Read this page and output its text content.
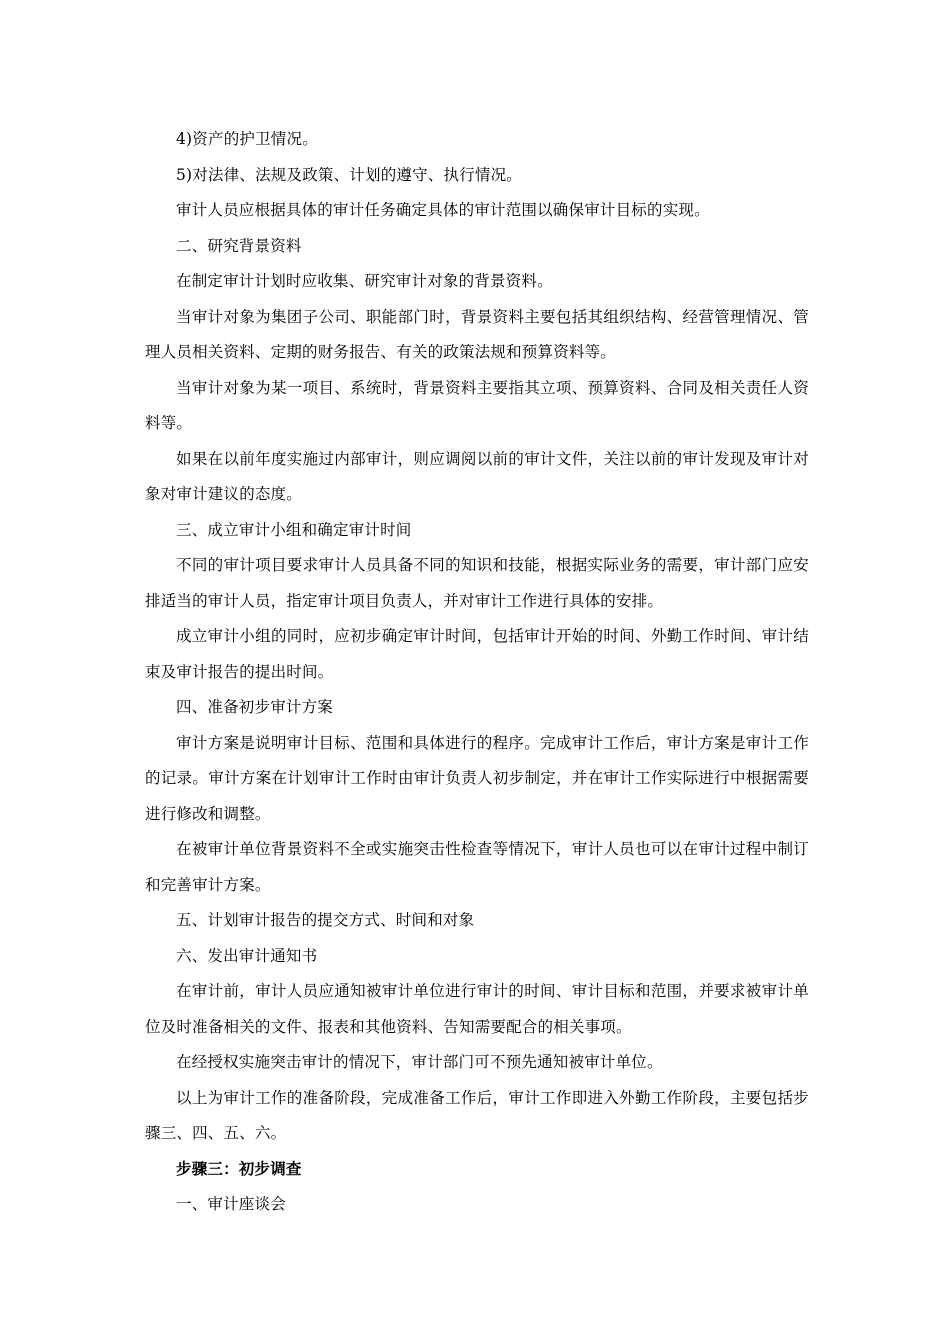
4)资产的护卫情况。

5)对法律、法规及政策、计划的遵守、执行情况。

审计人员应根据具体的审计任务确定具体的审计范围以确保审计目标的实现。

二、研究背景资料

在制定审计计划时应收集、研究审计对象的背景资料。

当审计对象为集团子公司、职能部门时，背景资料主要包括其组织结构、经营管理情况、管理人员相关资料、定期的财务报告、有关的政策法规和预算资料等。

当审计对象为某一项目、系统时，背景资料主要指其立项、预算资料、合同及相关责任人资料等。

如果在以前年度实施过内部审计，则应调阅以前的审计文件，关注以前的审计发现及审计对象对审计建议的态度。

三、成立审计小组和确定审计时间

不同的审计项目要求审计人员具备不同的知识和技能，根据实际业务的需要，审计部门应安排适当的审计人员，指定审计项目负责人，并对审计工作进行具体的安排。

成立审计小组的同时，应初步确定审计时间，包括审计开始的时间、外勤工作时间、审计结束及审计报告的提出时间。

四、准备初步审计方案

审计方案是说明审计目标、范围和具体进行的程序。完成审计工作后，审计方案是审计工作的记录。审计方案在计划审计工作时由审计负责人初步制定，并在审计工作实际进行中根据需要进行修改和调整。

在被审计单位背景资料不全或实施突击性检查等情况下，审计人员也可以在审计过程中制订和完善审计方案。

五、计划审计报告的提交方式、时间和对象

六、发出审计通知书

在审计前，审计人员应通知被审计单位进行审计的时间、审计目标和范围，并要求被审计单位及时准备相关的文件、报表和其他资料、告知需要配合的相关事项。

在经授权实施突击审计的情况下，审计部门可不预先通知被审计单位。

以上为审计工作的准备阶段，完成准备工作后，审计工作即进入外勤工作阶段，主要包括步骤三、四、五、六。

步骤三：初步调查

一、审计座谈会
